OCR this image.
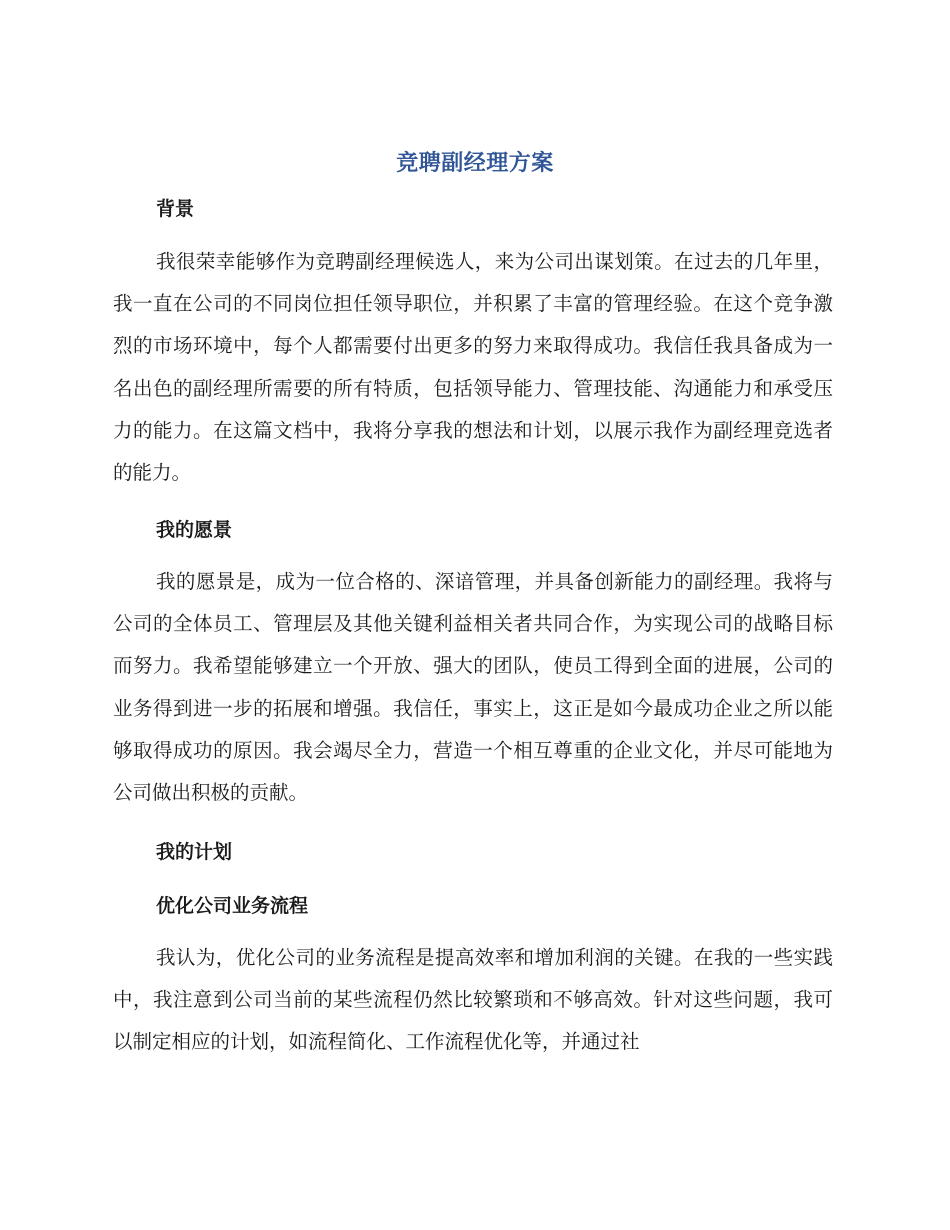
竞聘副经理方案
背景

我很荣幸能够作为竞聘副经理候选人，来为公司出谋划策。在过去的几年里，我一直在公司的不同岗位担任领导职位，并积累了丰富的管理经验。在这个竞争激烈的市场环境中，每个人都需要付出更多的努力来取得成功。我信任我具备成为一名出色的副经理所需要的所有特质，包括领导能力、管理技能、沟通能力和承受压力的能力。在这篇文档中，我将分享我的想法和计划，以展示我作为副经理竞选者的能力。

我的愿景

我的愿景是，成为一位合格的、深谙管理，并具备创新能力的副经理。我将与公司的全体员工、管理层及其他关键利益相关者共同合作，为实现公司的战略目标而努力。我希望能够建立一个开放、强大的团队，使员工得到全面的进展，公司的业务得到进一步的拓展和增强。我信任，事实上，这正是如今最成功企业之所以能够取得成功的原因。我会竭尽全力，营造一个相互尊重的企业文化，并尽可能地为公司做出积极的贡献。

我的计划
优化公司业务流程

我认为，优化公司的业务流程是提高效率和增加利润的关键。在我的一些实践中，我注意到公司当前的某些流程仍然比较繁琐和不够高效。针对这些问题，我可以制定相应的计划，如流程简化、工作流程优化等，并通过社
